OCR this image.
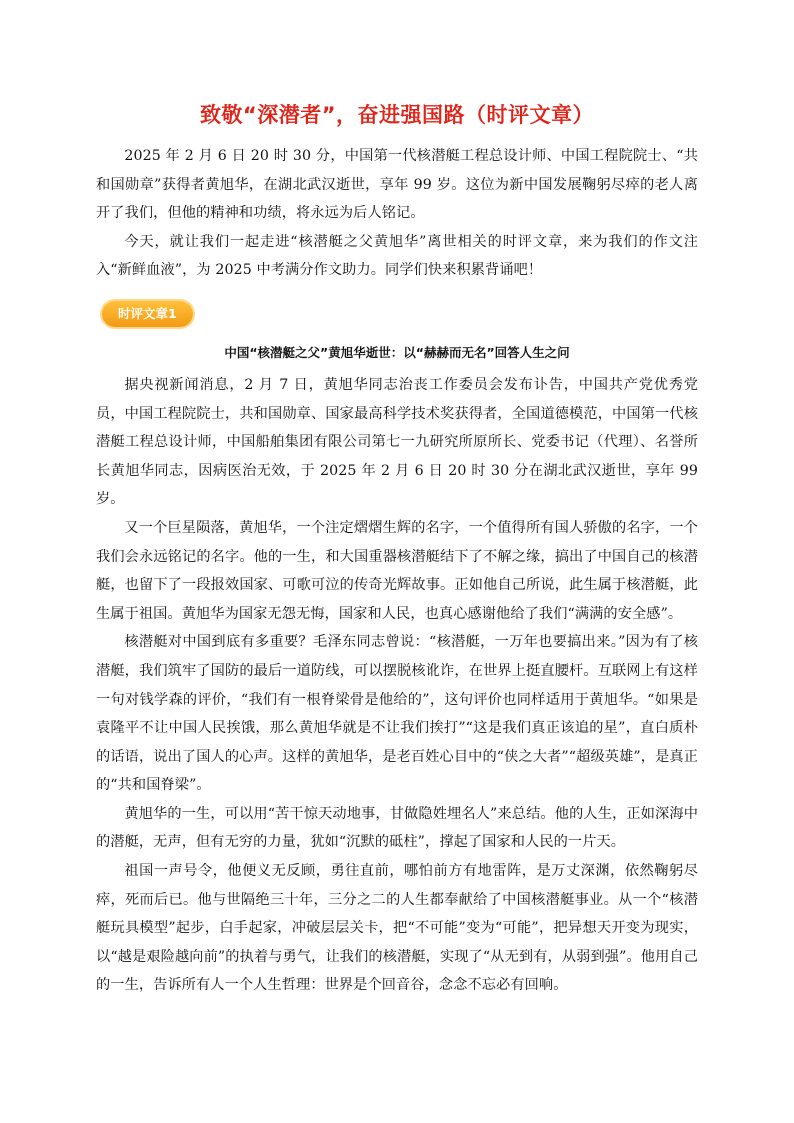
致敬“深潜者”，奋进强国路（时评文章）

2025 年 2 月 6 日 20 时 30 分，中国第一代核潜艇工程总设计师、中国工程院院士、“共和国勋章”获得者黄旭华，在湖北武汉逝世，享年 99 岁。这位为新中国发展鞠躬尽瘁的老人离开了我们，但他的精神和功绩，将永远为后人铭记。

今天，就让我们一起走进“核潜艇之父黄旭华”离世相关的时评文章，来为我们的作文注入“新鲜血液”，为 2025 中考满分作文助力。同学们快来积累背诵吧！

时评文章1
中国“核潜艇之父”黄旭华逝世：以“赫赫而无名”回答人生之问

据央视新闻消息，2 月 7 日，黄旭华同志治丧工作委员会发布讣告，中国共产党优秀党员，中国工程院院士，共和国勋章、国家最高科学技术奖获得者，全国道德模范，中国第一代核潜艇工程总设计师，中国船舶集团有限公司第七一九研究所原所长、党委书记（代理）、名誉所长黄旭华同志，因病医治无效，于 2025 年 2 月 6 日 20 时 30 分在湖北武汉逝世，享年 99 岁。

又一个巨星陨落，黄旭华，一个注定熠熠生辉的名字，一个值得所有国人骄傲的名字，一个我们会永远铭记的名字。他的一生，和大国重器核潜艇结下了不解之缘，搞出了中国自己的核潜艇，也留下了一段报效国家、可歌可泣的传奇光辉故事。正如他自己所说，此生属于核潜艇，此生属于祖国。黄旭华为国家无怨无悔，国家和人民，也真心感谢他给了我们“满满的安全感”。

核潜艇对中国到底有多重要？毛泽东同志曾说：“核潜艇，一万年也要搞出来。”因为有了核潜艇，我们筑牢了国防的最后一道防线，可以摆脱核讹诈，在世界上挺直腰杆。互联网上有这样一句对钱学森的评价，“我们有一根脊梁骨是他给的”，这句评价也同样适用于黄旭华。“如果是袁隆平不让中国人民挨饿，那么黄旭华就是不让我们挨打”“这是我们真正该追的星”，直白质朴的话语，说出了国人的心声。这样的黄旭华，是老百姓心目中的“侠之大者”“超级英雄”，是真正的“共和国脊梁”。

黄旭华的一生，可以用“苦干惊天动地事，甘做隐姓埋名人”来总结。他的人生，正如深海中的潜艇，无声，但有无穷的力量，犹如“沉默的砥柱”，撑起了国家和人民的一片天。

祖国一声号令，他便义无反顾，勇往直前，哪怕前方有地雷阵，是万丈深渊，依然鞠躬尽瘁，死而后已。他与世隔绝三十年，三分之二的人生都奉献给了中国核潜艇事业。从一个“核潜艇玩具模型”起步，白手起家，冲破层层关卡，把“不可能”变为“可能”，把异想天开变为现实，以“越是艰险越向前”的执着与勇气，让我们的核潜艇，实现了“从无到有，从弱到强”。他用自己的一生，告诉所有人一个人生哲理：世界是个回音谷，念念不忘必有回响。
